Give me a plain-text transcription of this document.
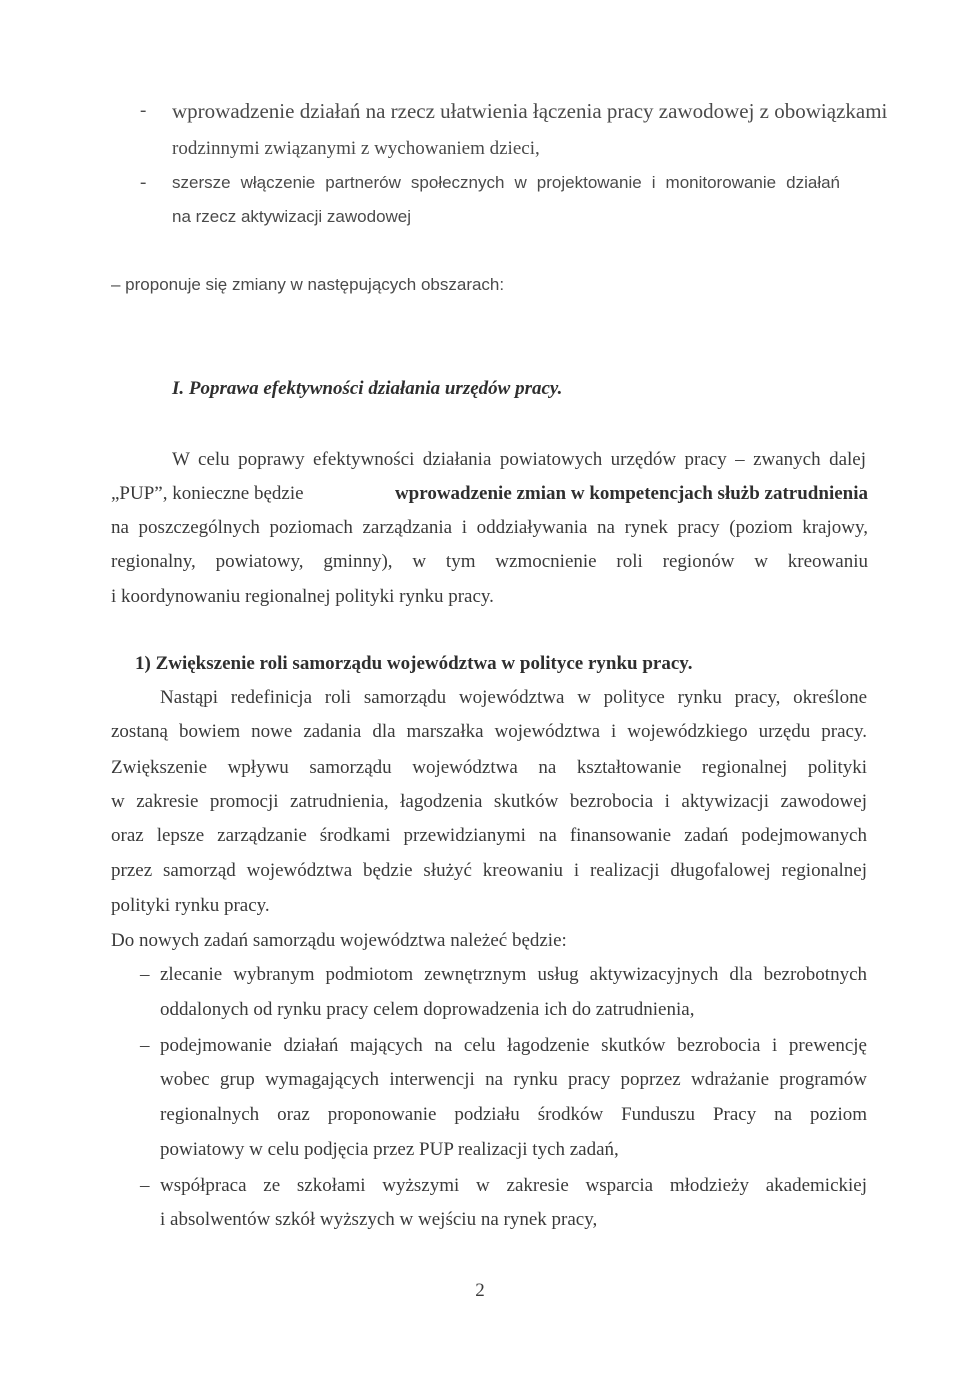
- wprowadzenie działań na rzecz ułatwienia łączenia pracy zawodowej z obowiązkami
rodzinnymi związanymi z wychowaniem dzieci,
- szersze włączenie partnerów społecznych w projektowanie i monitorowanie działań
na rzecz aktywizacji zawodowej
– proponuje się zmiany w następujących obszarach:
I. Poprawa efektywności działania urzędów pracy.
W celu poprawy efektywności działania powiatowych urzędów pracy – zwanych dalej
„PUP”, konieczne będzie	wprowadzenie zmian w kompetencjach służb zatrudnienia
na poszczególnych poziomach zarządzania i oddziaływania na rynek pracy (poziom krajowy,
regionalny, powiatowy, gminny), w tym wzmocnienie roli regionów w kreowaniu
i koordynowaniu regionalnej polityki rynku pracy.
1) Zwiększenie roli samorządu województwa w polityce rynku pracy.
Nastąpi redefinicja roli samorządu województwa w polityce rynku pracy, określone
zostaną bowiem nowe zadania dla marszałka województwa i wojewódzkiego urzędu pracy.
Zwiększenie wpływu samorządu województwa na kształtowanie regionalnej polityki
w zakresie promocji zatrudnienia, łagodzenia skutków bezrobocia i aktywizacji zawodowej
oraz lepsze zarządzanie środkami przewidzianymi na finansowanie zadań podejmowanych
przez samorząd województwa będzie służyć kreowaniu i realizacji długofalowej regionalnej
polityki rynku pracy.
Do nowych zadań samorządu województwa należeć będzie:
– zlecanie wybranym podmiotom zewnętrznym usług aktywizacyjnych dla bezrobotnych
oddalonych od rynku pracy celem doprowadzenia ich do zatrudnienia,
– podejmowanie działań mających na celu łagodzenie skutków bezrobocia i prewencję
wobec grup wymagających interwencji na rynku pracy poprzez wdrażanie programów
regionalnych oraz proponowanie podziału środków Funduszu Pracy na poziom
powiatowy w celu podjęcia przez PUP realizacji tych zadań,
– współpraca ze szkołami wyższymi w zakresie wsparcia młodzieży akademickiej
i absolwentów szkół wyższych w wejściu na rynek pracy,
2
